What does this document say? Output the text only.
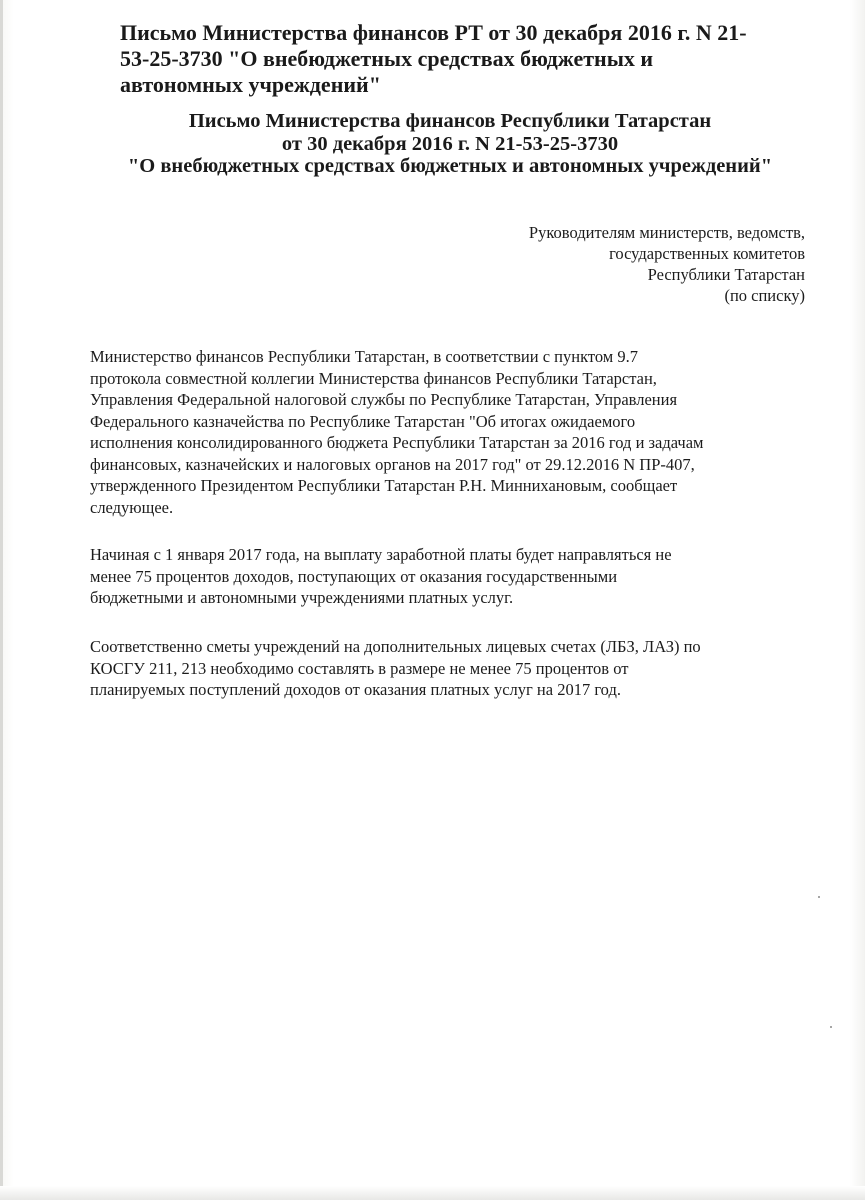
Письмо Министерства финансов РТ от 30 декабря 2016 г. N 21-
53-25-3730 "О внебюджетных средствах бюджетных и
автономных учреждений"
Письмо Министерства финансов Республики Татарстан
от 30 декабря 2016 г. N 21-53-25-3730
"О внебюджетных средствах бюджетных и автономных учреждений"
Руководителям министерств, ведомств,
государственных комитетов
Республики Татарстан
(по списку)

Министерство финансов Республики Татарстан, в соответствии с пунктом 9.7
протокола совместной коллегии Министерства финансов Республики Татарстан,
Управления Федеральной налоговой службы по Республике Татарстан, Управления
Федерального казначейства по Республике Татарстан "Об итогах ожидаемого
исполнения консолидированного бюджета Республики Татарстан за 2016 год и задачам
финансовых, казначейских и налоговых органов на 2017 год" от 29.12.2016 N ПР-407,
утвержденного Президентом Республики Татарстан Р.Н. Миннихановым, сообщает
следующее.

Начиная с 1 января 2017 года, на выплату заработной платы будет направляться не
менее 75 процентов доходов, поступающих от оказания государственными
бюджетными и автономными учреждениями платных услуг.

Соответственно сметы учреждений на дополнительных лицевых счетах (ЛБЗ, ЛАЗ) по
КОСГУ 211, 213 необходимо составлять в размере не менее 75 процентов от
планируемых поступлений доходов от оказания платных услуг на 2017 год.
